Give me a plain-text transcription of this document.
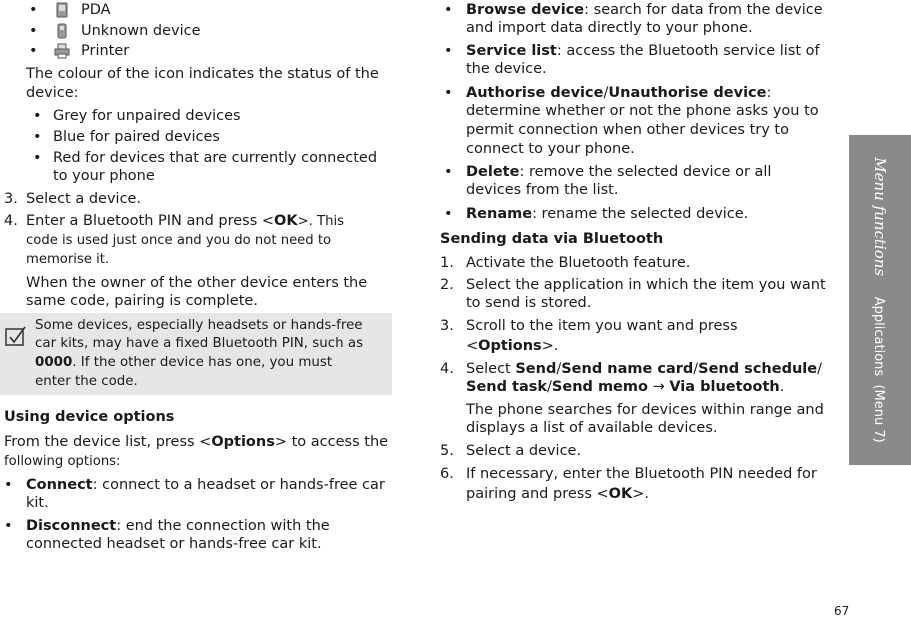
Menu functions     Applications  (Menu 7)
•	PDA
•	Unknown device
•	Printer
The colour of the icon indicates the status of the
device:
• Grey for unpaired devices
• Blue for paired devices
• Red for devices that are currently connected
to your phone
3. Select a device.
4. Enter a Bluetooth PIN and press <OK>. This
code is used just once and you do not need to
memorise it.
When the owner of the other device enters the
same code, pairing is complete.
Some devices, especially headsets or hands-free
car kits, may have a fixed Bluetooth PIN, such as
0000. If the other device has one, you must
enter the code.
Using device options
From the device list, press <Options> to access the
following options:
• Connect: connect to a headset or hands-free car
kit.
• Disconnect: end the connection with the
connected headset or hands-free car kit.
• Browse device: search for data from the device
and import data directly to your phone.
• Service list: access the Bluetooth service list of
the device.
• Authorise device/Unauthorise device:
determine whether or not the phone asks you to
permit connection when other devices try to
connect to your phone.
• Delete: remove the selected device or all
devices from the list.
• Rename: rename the selected device.
Sending data via Bluetooth
1. Activate the Bluetooth feature.
2. Select the application in which the item you want
to send is stored.
3. Scroll to the item you want and press
<Options>.
4. Select Send/Send name card/Send schedule/
Send task/Send memo → Via bluetooth.
The phone searches for devices within range and
displays a list of available devices.
5. Select a device.
6. If necessary, enter the Bluetooth PIN needed for
pairing and press <OK>.
67
